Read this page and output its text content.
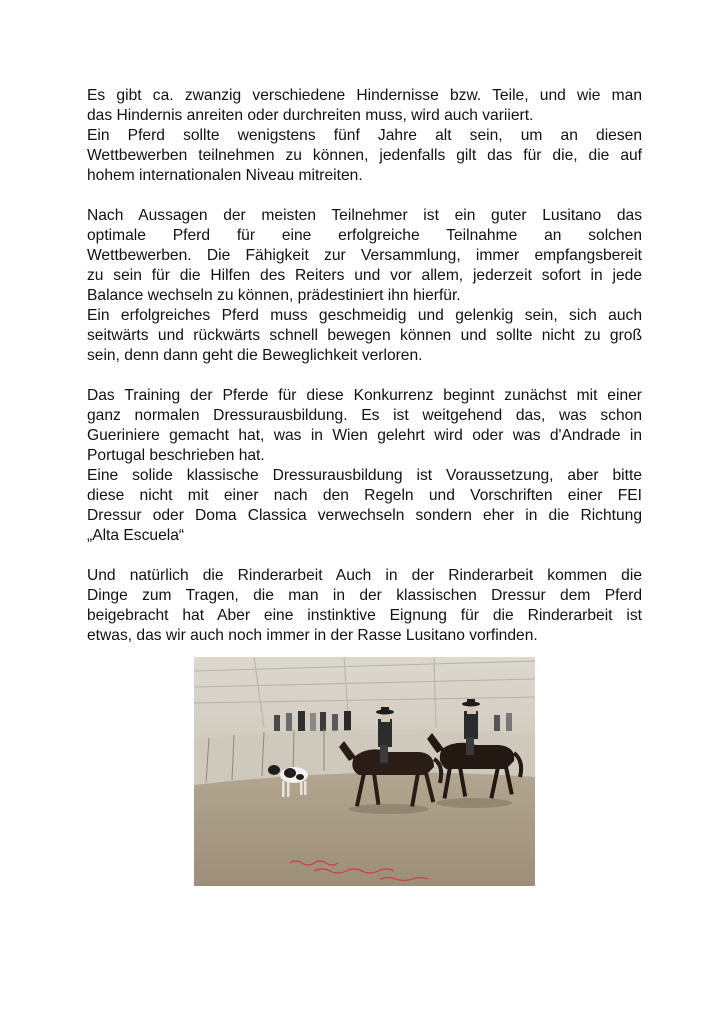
Es gibt ca. zwanzig verschiedene Hindernisse bzw. Teile, und wie man
das Hindernis anreiten oder durchreiten muss, wird auch variiert.
Ein Pferd sollte wenigstens fünf Jahre alt sein, um an diesen
Wettbewerben teilnehmen zu können, jedenfalls gilt das für die, die auf
hohem internationalen Niveau mitreiten.
Nach Aussagen der meisten Teilnehmer ist ein guter Lusitano das
optimale Pferd für eine erfolgreiche Teilnahme an solchen
Wettbewerben. Die Fähigkeit zur Versammlung, immer empfangsbereit
zu sein für die Hilfen des Reiters und vor allem, jederzeit sofort in jede
Balance wechseln zu können, prädestiniert ihn hierfür.
Ein erfolgreiches Pferd muss geschmeidig und gelenkig sein, sich auch
seitwärts und rückwärts schnell bewegen können und sollte nicht zu groß
sein, denn dann geht die Beweglichkeit verloren.
Das Training der Pferde für diese Konkurrenz beginnt zunächst mit einer
ganz normalen Dressurausbildung. Es ist weitgehend das, was schon
Gueriniere gemacht hat, was in Wien gelehrt wird oder was d'Andrade in
Portugal beschrieben hat.
Eine solide klassische Dressurausbildung ist Voraussetzung, aber bitte
diese nicht mit einer nach den Regeln und Vorschriften einer FEI
Dressur oder Doma Classica verwechseln sondern eher in die Richtung
„Alta Escuela“
Und natürlich die Rinderarbeit Auch in der Rinderarbeit kommen die
Dinge zum Tragen, die man in der klassischen Dressur dem Pferd
beigebracht hat Aber eine instinktive Eignung für die Rinderarbeit ist
etwas, das wir auch noch immer in der Rasse Lusitano vorfinden.
